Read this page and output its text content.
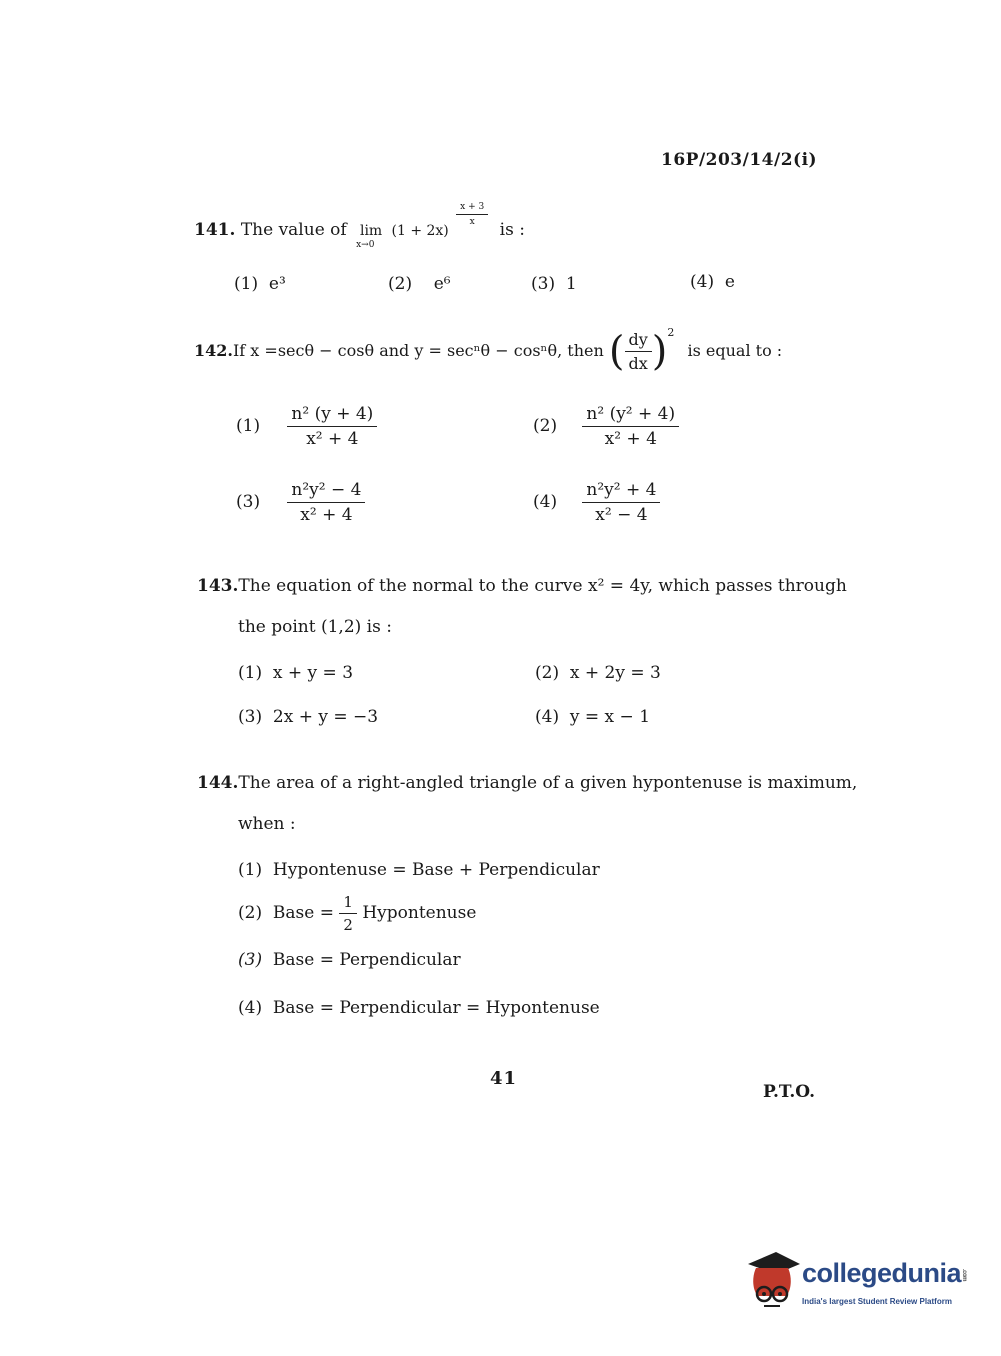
16P/203/14/2(i)
141. The value of lim
x→0
(1 + 2x)
$\frac{x + 3}{x}$
is :
(1) e³	(2) e⁶	(3) 1	(4) e
142.If x =secθ − cosθ and y = secⁿθ − cosⁿθ, then ( $\frac{dy}{dx} )^2$ is equal to :
$(1) \frac{\text{n² (y + 4)}}{\text{x² + 4}}$	$(2) \frac{\text{n² (y² + 4)}}{\text{x² + 4}}$
$(3) \frac{\text{n²y² − 4}}{\text{x² + 4}}$	$(4) \frac{\text{n²y² + 4}}{\text{x² − 4}}$
143.The equation of the normal to the curve x² = 4y, which passes through
the point (1,2) is :
(1) x + y = 3	(2) x + 2y = 3
(3) 2x + y = −3	(4) y = x − 1
144.The area of a right-angled triangle of a given hypontenuse is maximum,
when :
(1) Hypontenuse = Base + Perpendicular
(2) Base = $\frac{1}{2}$ Hypontenuse
(3) Base = Perpendicular
(4) Base = Perpendicular = Hypontenuse
41
P.T.O.
collegedunia.com
India's largest Student Review Platform
